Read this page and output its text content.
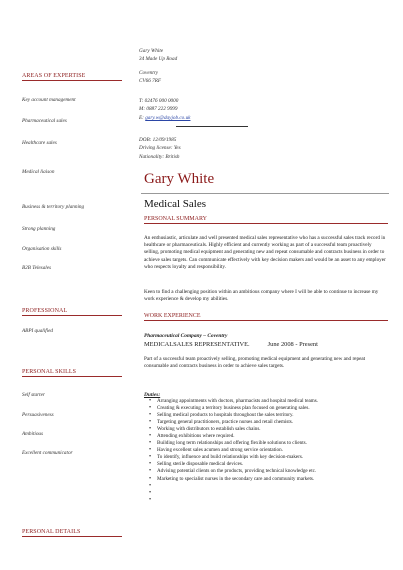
AREAS OF EXPERTISE
Key account management
Pharmaceutical sales
Healthcare sales
Medical liaison
Business & territory planning
Strong planning
Organisation skills
B2B Telesales
PROFESSIONAL
ABPI qualified
PERSONAL SKILLS
Self starter
Persuasiveness
Ambitious
Excellent communicator
PERSONAL DETAILS
Gary White
34 Made Up Road
Coventry
CV66 7RF
T: 02476 000 0000
M: 0887 222 9999
E: gary.w@dayjob.co.uk
DOB: 12/09/1985
Driving license: Yes
Nationality: British
Gary White
Medical Sales
PERSONAL SUMMARY
An enthusiastic, articulate and well presented medical sales representative who has a successful sales track record in healthcare or pharmaceuticals. Highly efficient and currently working as part of a successful team proactively selling, promoting medical equipment and generating new and repeat consumable and contracts business in order to achieve sales targets. Can communicate effectively with key decision makers and would be an asset to any employer who respects loyalty and responsibility.
Keen to find a challenging position within an ambitious company where I will be able to continue to increase my work experience & develop my abilities.
WORK EXPERIENCE
Pharmaceutical Company – Coventry
MEDICALSALES REPRESENTATIVE.	June 2008 - Present
Part of a successful team proactively selling, promoting medical equipment and generating new and repeat consumable and contracts business in order to achieve sales targets.
Duties:
• Arranging appointments with doctors, pharmacists and hospital medical teams.
• Creating & executing a territory business plan focused on generating sales.
• Selling medical products to hospitals throughout the sales territory.
• Targeting general practitioners, practice nurses and retail chemists.
• Working with distributors to establish sales chains.
• Attending exhibitions where required.
• Building long term relationships and offering flexible solutions to clients.
• Having excellent sales acumen and strong service orientation.
• To identify, influence and build relationships with key decision-makers.
• Selling sterile disposable medical devices.
• Advising potential clients on the products, providing technical knowledge etc.
• Marketing to specialist nurses in the secondary care and community markets.
•
•
•
